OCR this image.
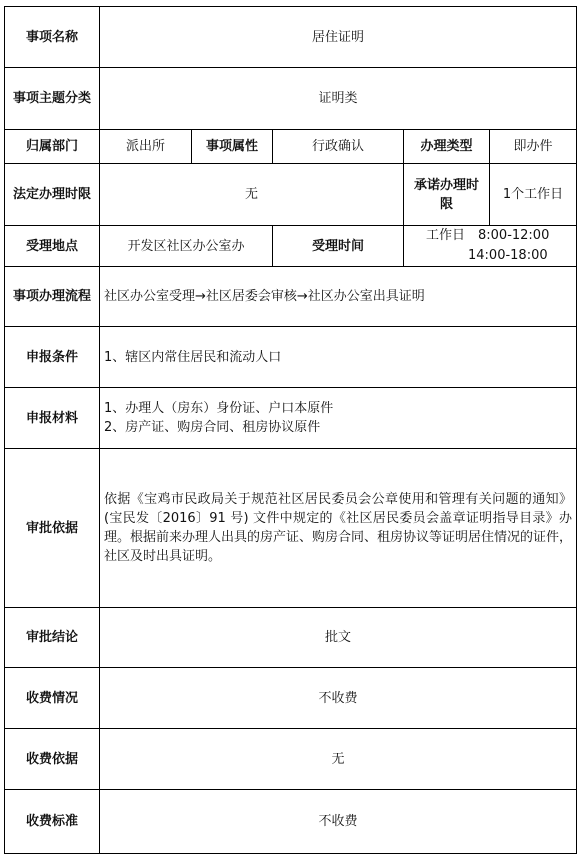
事项名称	居住证明				
事项主题分类	证明类				
归属部门	派出所	事项属性	行政确认	办理类型	即办件
法定办理时限	无			承诺办理时限	1个工作日
受理地点	开发区社区办公室办		受理时间	工作日　8:00-12:00
14:00-18:00	

事项办理流程	社区办公室受理→社区居委会审核→社区办公室出具证明				
申报条件	1、辖区内常住居民和流动人口				
申报材料	1、办理人（房东）身份证、户口本原件
2、房产证、购房合同、租房协议原件				

审批依据	依据《宝鸡市民政局关于规范社区居民委员会公章使用和管理有关问题的通知》(宝民发〔2016〕91 号) 文件中规定的《社区居民委员会盖章证明指导目录》办理。根据前来办理人出具的房产证、购房合同、租房协议等证明居住情况的证件，社区及时出具证明。				
审批结论	批文				
收费情况	不收费				
收费依据	无				
收费标准	不收费				
